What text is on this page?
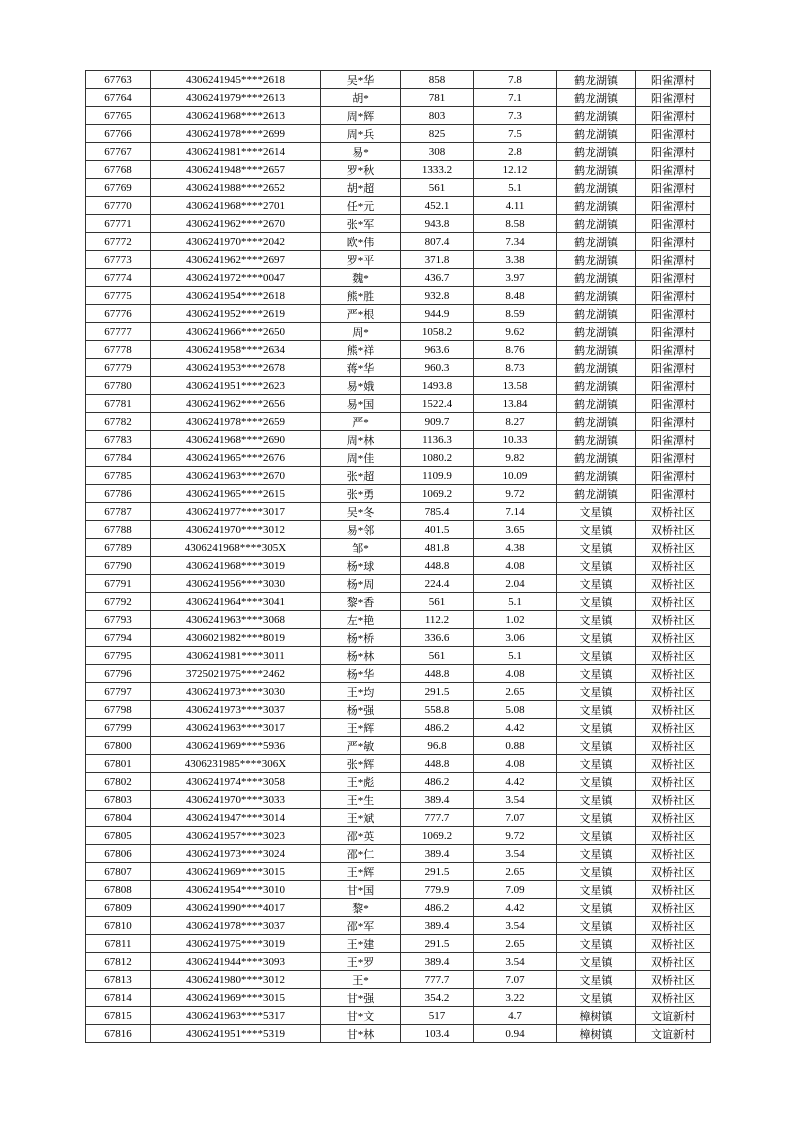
67763	4306241945****2618	吴*华	858	7.8	鹤龙湖镇	阳雀潭村
67764	4306241979****2613	胡*	781	7.1	鹤龙湖镇	阳雀潭村
67765	4306241968****2613	周*辉	803	7.3	鹤龙湖镇	阳雀潭村
67766	4306241978****2699	周*兵	825	7.5	鹤龙湖镇	阳雀潭村
67767	4306241981****2614	易*	308	2.8	鹤龙湖镇	阳雀潭村
67768	4306241948****2657	罗*秋	1333.2	12.12	鹤龙湖镇	阳雀潭村
67769	4306241988****2652	胡*超	561	5.1	鹤龙湖镇	阳雀潭村
67770	4306241968****2701	任*元	452.1	4.11	鹤龙湖镇	阳雀潭村
67771	4306241962****2670	张*军	943.8	8.58	鹤龙湖镇	阳雀潭村
67772	4306241970****2042	欧*伟	807.4	7.34	鹤龙湖镇	阳雀潭村
67773	4306241962****2697	罗*平	371.8	3.38	鹤龙湖镇	阳雀潭村
67774	4306241972****0047	魏*	436.7	3.97	鹤龙湖镇	阳雀潭村
67775	4306241954****2618	熊*胜	932.8	8.48	鹤龙湖镇	阳雀潭村
67776	4306241952****2619	严*根	944.9	8.59	鹤龙湖镇	阳雀潭村
67777	4306241966****2650	周*	1058.2	9.62	鹤龙湖镇	阳雀潭村
67778	4306241958****2634	熊*祥	963.6	8.76	鹤龙湖镇	阳雀潭村
67779	4306241953****2678	蒋*华	960.3	8.73	鹤龙湖镇	阳雀潭村
67780	4306241951****2623	易*娥	1493.8	13.58	鹤龙湖镇	阳雀潭村
67781	4306241962****2656	易*国	1522.4	13.84	鹤龙湖镇	阳雀潭村
67782	4306241978****2659	严*	909.7	8.27	鹤龙湖镇	阳雀潭村
67783	4306241968****2690	周*林	1136.3	10.33	鹤龙湖镇	阳雀潭村
67784	4306241965****2676	周*佳	1080.2	9.82	鹤龙湖镇	阳雀潭村
67785	4306241963****2670	张*超	1109.9	10.09	鹤龙湖镇	阳雀潭村
67786	4306241965****2615	张*勇	1069.2	9.72	鹤龙湖镇	阳雀潭村
67787	4306241977****3017	吴*冬	785.4	7.14	文星镇	双桥社区
67788	4306241970****3012	易*邻	401.5	3.65	文星镇	双桥社区
67789	4306241968****305X	邹*	481.8	4.38	文星镇	双桥社区
67790	4306241968****3019	杨*球	448.8	4.08	文星镇	双桥社区
67791	4306241956****3030	杨*周	224.4	2.04	文星镇	双桥社区
67792	4306241964****3041	黎*香	561	5.1	文星镇	双桥社区
67793	4306241963****3068	左*艳	112.2	1.02	文星镇	双桥社区
67794	4306021982****8019	杨*桥	336.6	3.06	文星镇	双桥社区
67795	4306241981****3011	杨*林	561	5.1	文星镇	双桥社区
67796	3725021975****2462	杨*华	448.8	4.08	文星镇	双桥社区
67797	4306241973****3030	王*均	291.5	2.65	文星镇	双桥社区
67798	4306241973****3037	杨*强	558.8	5.08	文星镇	双桥社区
67799	4306241963****3017	王*辉	486.2	4.42	文星镇	双桥社区
67800	4306241969****5936	严*敏	96.8	0.88	文星镇	双桥社区
67801	4306231985****306X	张*辉	448.8	4.08	文星镇	双桥社区
67802	4306241974****3058	王*彪	486.2	4.42	文星镇	双桥社区
67803	4306241970****3033	王*生	389.4	3.54	文星镇	双桥社区
67804	4306241947****3014	王*斌	777.7	7.07	文星镇	双桥社区
67805	4306241957****3023	邵*英	1069.2	9.72	文星镇	双桥社区
67806	4306241973****3024	邵*仁	389.4	3.54	文星镇	双桥社区
67807	4306241969****3015	王*辉	291.5	2.65	文星镇	双桥社区
67808	4306241954****3010	甘*国	779.9	7.09	文星镇	双桥社区
67809	4306241990****4017	黎*	486.2	4.42	文星镇	双桥社区
67810	4306241978****3037	邵*军	389.4	3.54	文星镇	双桥社区
67811	4306241975****3019	王*建	291.5	2.65	文星镇	双桥社区
67812	4306241944****3093	王*罗	389.4	3.54	文星镇	双桥社区
67813	4306241980****3012	王*	777.7	7.07	文星镇	双桥社区
67814	4306241969****3015	甘*强	354.2	3.22	文星镇	双桥社区
67815	4306241963****5317	甘*文	517	4.7	樟树镇	文谊新村
67816	4306241951****5319	甘*林	103.4	0.94	樟树镇	文谊新村
